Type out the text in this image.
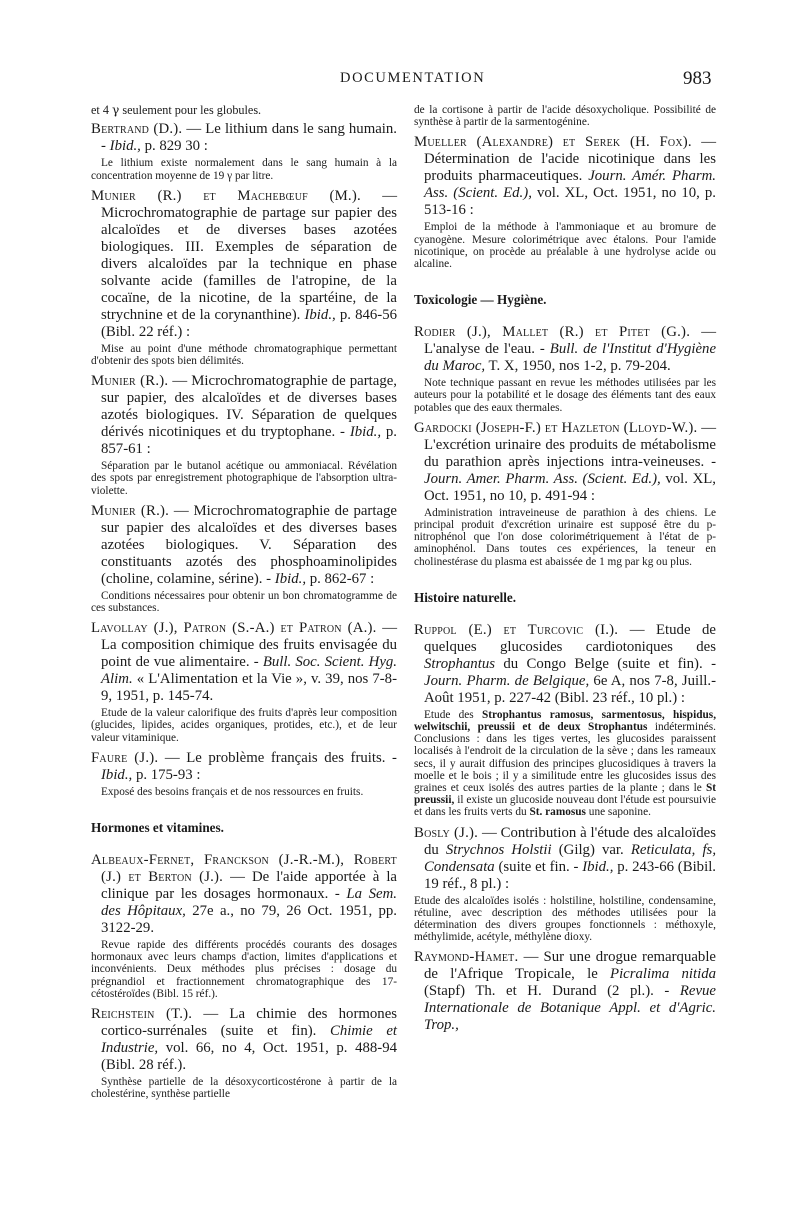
DOCUMENTATION	983

et 4 γ seulement pour les globules.

Bertrand (D.). — Le lithium dans le sang humain. - Ibid., p. 829 30 :

Le lithium existe normalement dans le sang humain à la concentration moyenne de 19 γ par litre.

Munier (R.) et Machebœuf (M.). — Microchromatographie de partage sur papier des alcaloïdes et de diverses bases azotées biologiques. III. Exemples de séparation de divers alcaloïdes par la technique en phase solvante acide (familles de l'atropine, de la cocaïne, de la nicotine, de la spartéine, de la strychnine et de la corynanthine). Ibid., p. 846-56 (Bibl. 22 réf.) :

Mise au point d'une méthode chromatographique permettant d'obtenir des spots bien délimités.

Munier (R.). — Microchromatographie de partage, sur papier, des alcaloïdes et de diverses bases azotés biologiques. IV. Séparation de quelques dérivés nicotiniques et du tryptophane. - Ibid., p. 857-61 :

Séparation par le butanol acétique ou ammoniacal. Révélation des spots par enregistrement photographique de l'absorption ultra-violette.

Munier (R.). — Microchromatographie de partage sur papier des alcaloïdes et des diverses bases azotées biologiques. V. Séparation des constituants azotés des phosphoaminolipides (choline, colamine, sérine). - Ibid., p. 862-67 :

Conditions nécessaires pour obtenir un bon chromatogramme de ces substances.

Lavollay (J.), Patron (S.-A.) et Patron (A.). — La composition chimique des fruits envisagée du point de vue alimentaire. - Bull. Soc. Scient. Hyg. Alim. « L'Alimentation et la Vie », v. 39, nos 7-8-9, 1951, p. 145-74.

Etude de la valeur calorifique des fruits d'après leur composition (glucides, lipides, acides organiques, protides, etc.), et de leur valeur vitaminique.

Faure (J.). — Le problème français des fruits. - Ibid., p. 175-93 :

Exposé des besoins français et de nos ressources en fruits.

Hormones et vitamines.

Albeaux-Fernet, Franckson (J.-R.-M.), Robert (J.) et Berton (J.). — De l'aide apportée à la clinique par les dosages hormonaux. - La Sem. des Hôpitaux, 27e a., no 79, 26 Oct. 1951, pp. 3122-29.

Revue rapide des différents procédés courants des dosages hormonaux avec leurs champs d'action, limites d'applications et inconvénients. Deux méthodes plus précises : dosage du prégnandiol et fractionnement chromatographique des 17-cétostéroïdes (Bibl. 15 réf.).

Reichstein (T.). — La chimie des hormones cortico-surrénales (suite et fin). Chimie et Industrie, vol. 66, no 4, Oct. 1951, p. 488-94 (Bibl. 28 réf.).

Synthèse partielle de la désoxycorticostérone à partir de la cholestérine, synthèse partielle

de la cortisone à partir de l'acide désoxycholique. Possibilité de synthèse à partir de la sarmentogénine.

Mueller (Alexandre) et Serek (H. Fox). — Détermination de l'acide nicotinique dans les produits pharmaceutiques. Journ. Amér. Pharm. Ass. (Scient. Ed.), vol. XL, Oct. 1951, no 10, p. 513-16 :

Emploi de la méthode à l'ammoniaque et au bromure de cyanogène. Mesure colorimétrique avec étalons. Pour l'amide nicotinique, on procède au préalable à une hydrolyse acide ou alcaline.

Toxicologie — Hygiène.

Rodier (J.), Mallet (R.) et Pitet (G.). — L'analyse de l'eau. - Bull. de l'Institut d'Hygiène du Maroc, T. X, 1950, nos 1-2, p. 79-204.

Note technique passant en revue les méthodes utilisées par les auteurs pour la potabilité et le dosage des éléments tant des eaux potables que des eaux thermales.

Gardocki (Joseph-F.) et Hazleton (Lloyd-W.). — L'excrétion urinaire des produits de métabolisme du parathion après injections intra-veineuses. - Journ. Amer. Pharm. Ass. (Scient. Ed.), vol. XL, Oct. 1951, no 10, p. 491-94 :

Administration intraveineuse de parathion à des chiens. Le principal produit d'excrétion urinaire est supposé être du p-nitrophénol que l'on dose colorimétriquement à l'état de p-aminophénol. Dans toutes ces expériences, la teneur en cholinestérase du plasma est abaissée de 1 mg par kg ou plus.

Histoire naturelle.

Ruppol (E.) et Turcovic (I.). — Etude de quelques glucosides cardiotoniques des Strophantus du Congo Belge (suite et fin). - Journ. Pharm. de Belgique, 6e A, nos 7-8, Juill.-Août 1951, p. 227-42 (Bibl. 23 réf., 10 pl.) :

Etude des Strophantus ramosus, sarmentosus, hispidus, welwitschii, preussii et de deux Strophantus indéterminés. Conclusions : dans les tiges vertes, les glucosides paraissent localisés à l'endroit de la circulation de la sève ; dans les rameaux secs, il y aurait diffusion des principes glucosidiques à travers la moelle et le bois ; il y a similitude entre les glucosides issus des graines et ceux isolés des autres parties de la plante ; dans le St preussii, il existe un glucoside nouveau dont l'étude est poursuivie et dans les fruits verts du St. ramosus une saponine.

Bosly (J.). — Contribution à l'étude des alcaloïdes du Strychnos Holstii (Gilg) var. Reticulata, fs, Condensata (suite et fin. - Ibid., p. 243-66 (Bibil. 19 réf., 8 pl.) :

Etude des alcaloïdes isolés : holstiline, holstiline, condensamine, rétuline, avec description des méthodes utilisées pour la détermination des divers groupes fonctionnels : méthoxyle, méthylimide, acétyle, méthylène dioxy.

Raymond-Hamet. — Sur une drogue remarquable de l'Afrique Tropicale, le Picralima nitida (Stapf) Th. et H. Durand (2 pl.). - Revue Internationale de Botanique Appl. et d'Agric. Trop.,
